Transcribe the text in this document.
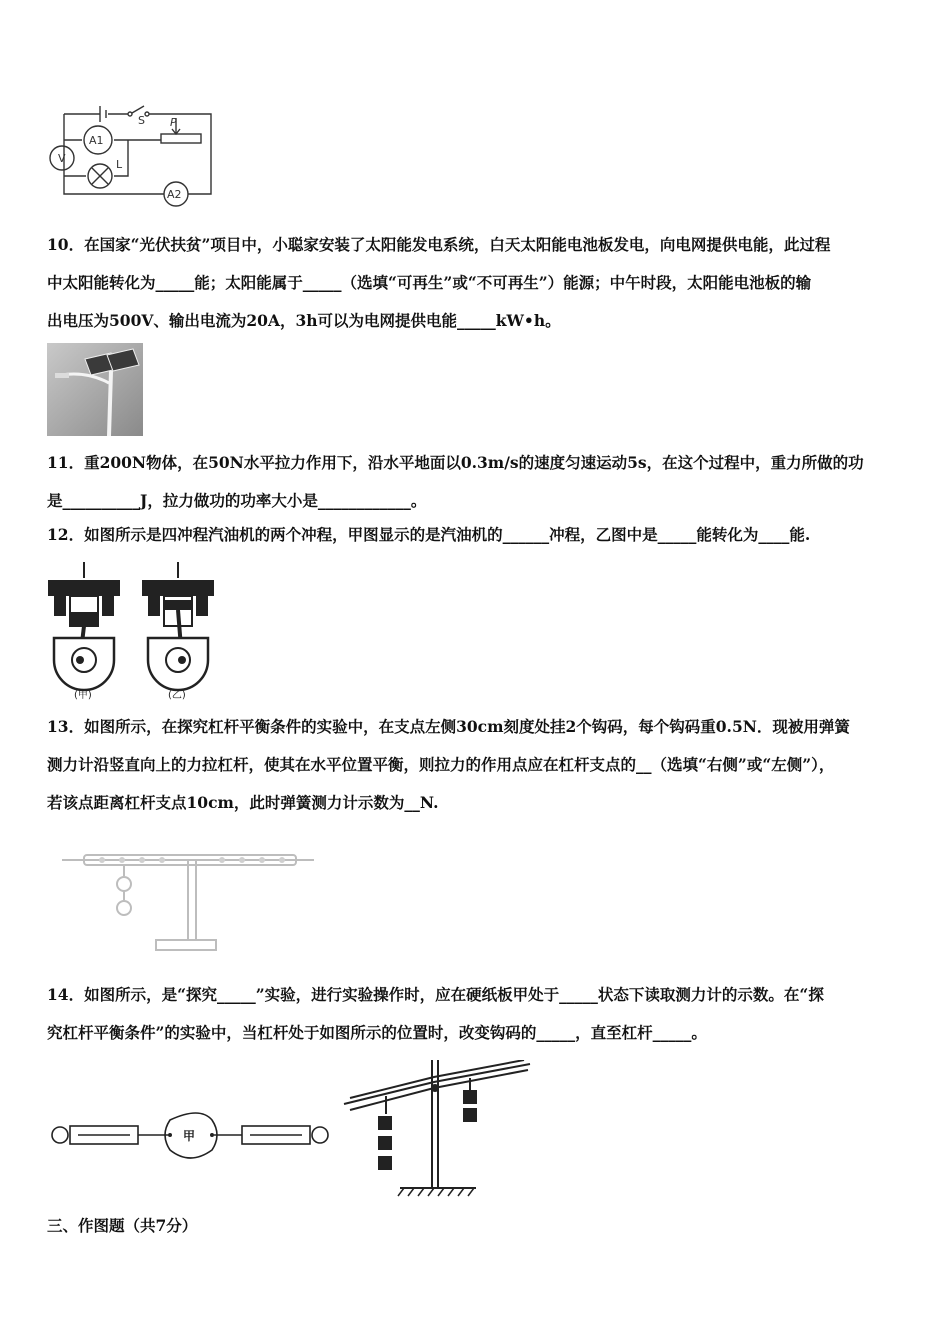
S P
A1
V	L
A2
10．在国家“光伏扶贫”项目中，小聪家安装了太阳能发电系统，白天太阳能电池板发电，向电网提供电能，此过程
中太阳能转化为_____能；太阳能属于_____（选填“可再生”或“不可再生”）能源；中午时段，太阳能电池板的输
出电压为500V、输出电流为20A，3h可以为电网提供电能_____kW•h。
11．重200N物体，在50N水平拉力作用下，沿水平地面以0.3m/s的速度匀速运动5s，在这个过程中，重力所做的功
是__________J，拉力做功的功率大小是____________。
12．如图所示是四冲程汽油机的两个冲程，甲图显示的是汽油机的______冲程，乙图中是_____能转化为____能.
(甲)	(乙)
13．如图所示，在探究杠杆平衡条件的实验中，在支点左侧30cm刻度处挂2个钩码，每个钩码重0.5N．现被用弹簧
测力计沿竖直向上的力拉杠杆，使其在水平位置平衡，则拉力的作用点应在杠杆支点的__（选填“右侧”或“左侧”），
若该点距离杠杆支点10cm，此时弹簧测力计示数为__N.
14．如图所示，是“探究_____”实验，进行实验操作时，应在硬纸板甲处于_____状态下读取测力计的示数。在“探
究杠杆平衡条件”的实验中，当杠杆处于如图所示的位置时，改变钩码的_____，直至杠杆_____。
甲
三、作图题（共7分）
